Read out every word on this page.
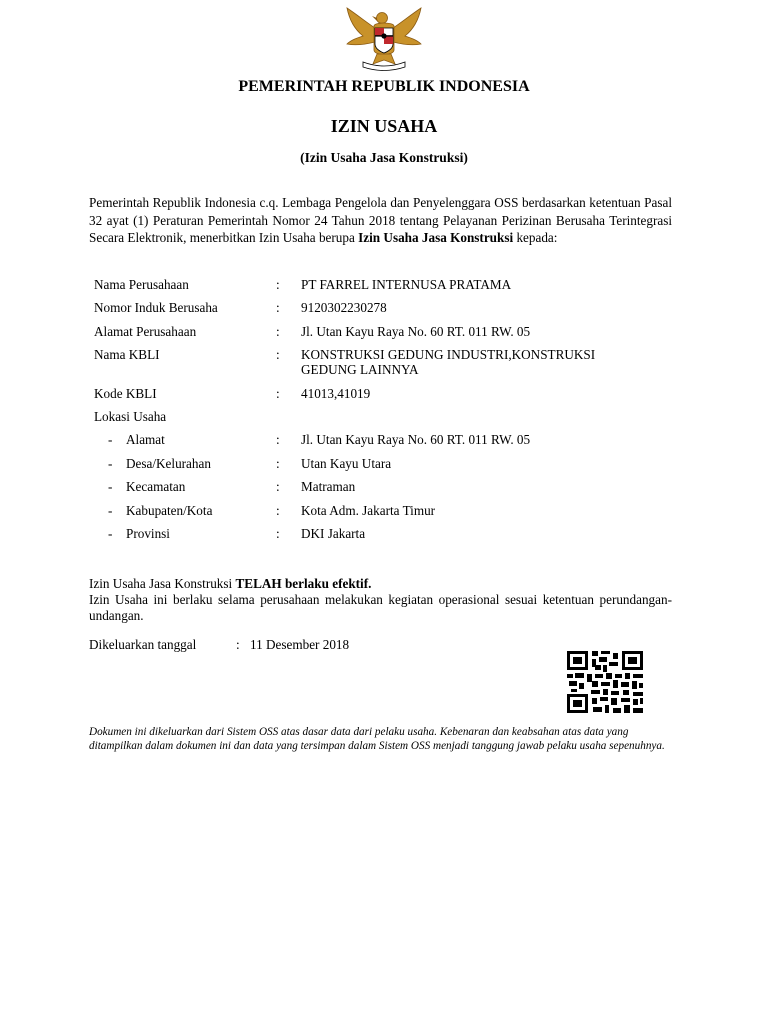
PEMERINTAH REPUBLIK INDONESIA
IZIN USAHA
(Izin Usaha Jasa Konstruksi)
Pemerintah Republik Indonesia c.q. Lembaga Pengelola dan Penyelenggara OSS berdasarkan ketentuan Pasal 32 ayat (1) Peraturan Pemerintah Nomor 24 Tahun 2018 tentang Pelayanan Perizinan Berusaha Terintegrasi Secara Elektronik, menerbitkan Izin Usaha berupa Izin Usaha Jasa Konstruksi kepada:
Nama Perusahaan	: PT FARREL INTERNUSA PRATAMA
Nomor Induk Berusaha	: 9120302230278
Alamat Perusahaan	: Jl. Utan Kayu Raya No. 60 RT. 011 RW. 05
Nama KBLI	: KONSTRUKSI GEDUNG INDUSTRI,KONSTRUKSI
GEDUNG LAINNYA
Kode KBLI	: 41013,41019
Lokasi Usaha
- Alamat	: Jl. Utan Kayu Raya No. 60 RT. 011 RW. 05
- Desa/Kelurahan	: Utan Kayu Utara
- Kecamatan	: Matraman
- Kabupaten/Kota	: Kota Adm. Jakarta Timur
- Provinsi	: DKI Jakarta
Izin Usaha Jasa Konstruksi TELAH berlaku efektif.
Izin Usaha ini berlaku selama perusahaan melakukan kegiatan operasional sesuai ketentuan perundangan-undangan.
Dikeluarkan tanggal	: 11 Desember 2018
Dokumen ini dikeluarkan dari Sistem OSS atas dasar data dari pelaku usaha. Kebenaran dan keabsahan atas data yang ditampilkan dalam dokumen ini dan data yang tersimpan dalam Sistem OSS menjadi tanggung jawab pelaku usaha sepenuhnya.
